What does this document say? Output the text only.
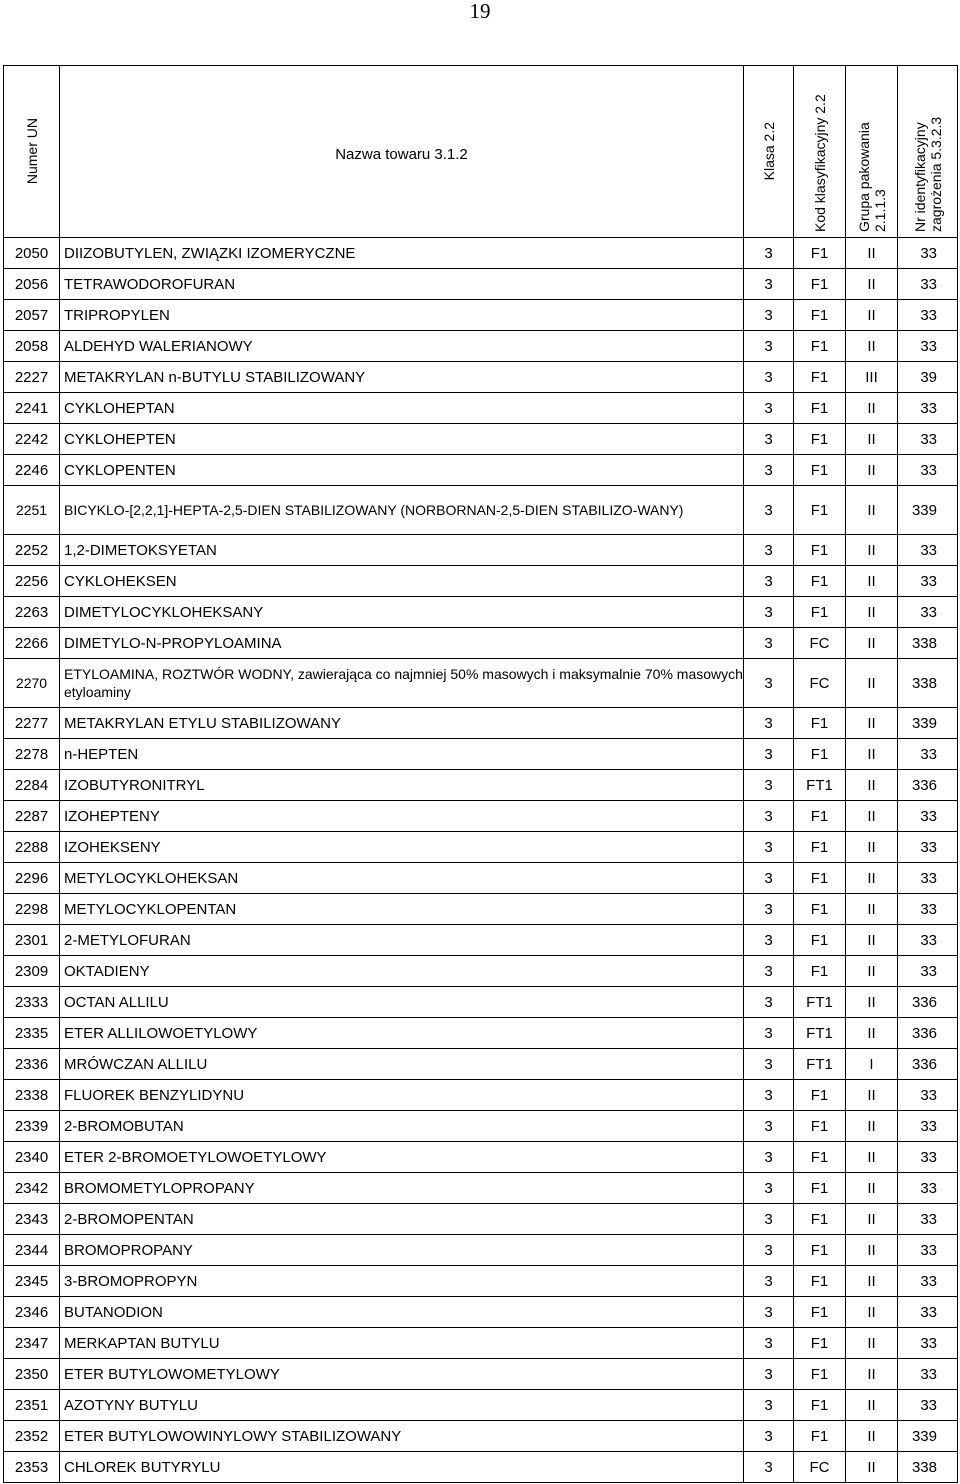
19
Numer UN	Nazwa towaru 3.1.2	Klasa 2.2	Kod klasyfikacyjny 2.2	Grupa pakowania 2.1.1.3	Nr identyfikacyjny zagrożenia 5.3.2.3

2050	DIIZOBUTYLEN, ZWIĄZKI IZOMERYCZNE	3	F1	II	33
2056	TETRAWODOROFURAN	3	F1	II	33
2057	TRIPROPYLEN	3	F1	II	33
2058	ALDEHYD WALERIANOWY	3	F1	II	33
2227	METAKRYLAN n-BUTYLU STABILIZOWANY	3	F1	III	39
2241	CYKLOHEPTAN	3	F1	II	33
2242	CYKLOHEPTEN	3	F1	II	33
2246	CYKLOPENTEN	3	F1	II	33
2251	BICYKLO-[2,2,1]-HEPTA-2,5-DIEN STABILIZOWANY (NORBORNAN-2,5-DIEN STABILIZO-WANY)	3	F1	II	339
2252	1,2-DIMETOKSYETAN	3	F1	II	33
2256	CYKLOHEKSEN	3	F1	II	33
2263	DIMETYLOCYKLOHEKSANY	3	F1	II	33
2266	DIMETYLO-N-PROPYLOAMINA	3	FC	II	338
2270	ETYLOAMINA, ROZTWÓR WODNY, zawierająca co najmniej 50% masowych i maksymalnie 70% masowych etyloaminy	3	FC	II	338
2277	METAKRYLAN ETYLU STABILIZOWANY	3	F1	II	339
2278	n-HEPTEN	3	F1	II	33
2284	IZOBUTYRONITRYL	3	FT1	II	336
2287	IZOHEPTENY	3	F1	II	33
2288	IZOHEKSENY	3	F1	II	33
2296	METYLOCYKLOHEKSAN	3	F1	II	33
2298	METYLOCYKLOPENTAN	3	F1	II	33
2301	2-METYLOFURAN	3	F1	II	33
2309	OKTADIENY	3	F1	II	33
2333	OCTAN ALLILU	3	FT1	II	336
2335	ETER ALLILOWOETYLOWY	3	FT1	II	336
2336	MRÓWCZAN ALLILU	3	FT1	I	336
2338	FLUOREK BENZYLIDYNU	3	F1	II	33
2339	2-BROMOBUTAN	3	F1	II	33
2340	ETER 2-BROMOETYLOWOETYLOWY	3	F1	II	33
2342	BROMOMETYLOPROPANY	3	F1	II	33
2343	2-BROMOPENTAN	3	F1	II	33
2344	BROMOPROPANY	3	F1	II	33
2345	3-BROMOPROPYN	3	F1	II	33
2346	BUTANODION	3	F1	II	33
2347	MERKAPTAN BUTYLU	3	F1	II	33
2350	ETER BUTYLOWOMETYLOWY	3	F1	II	33
2351	AZOTYNY BUTYLU	3	F1	II	33
2352	ETER BUTYLOWOWINYLOWY STABILIZOWANY	3	F1	II	339
2353	CHLOREK BUTYRYLU	3	FC	II	338
